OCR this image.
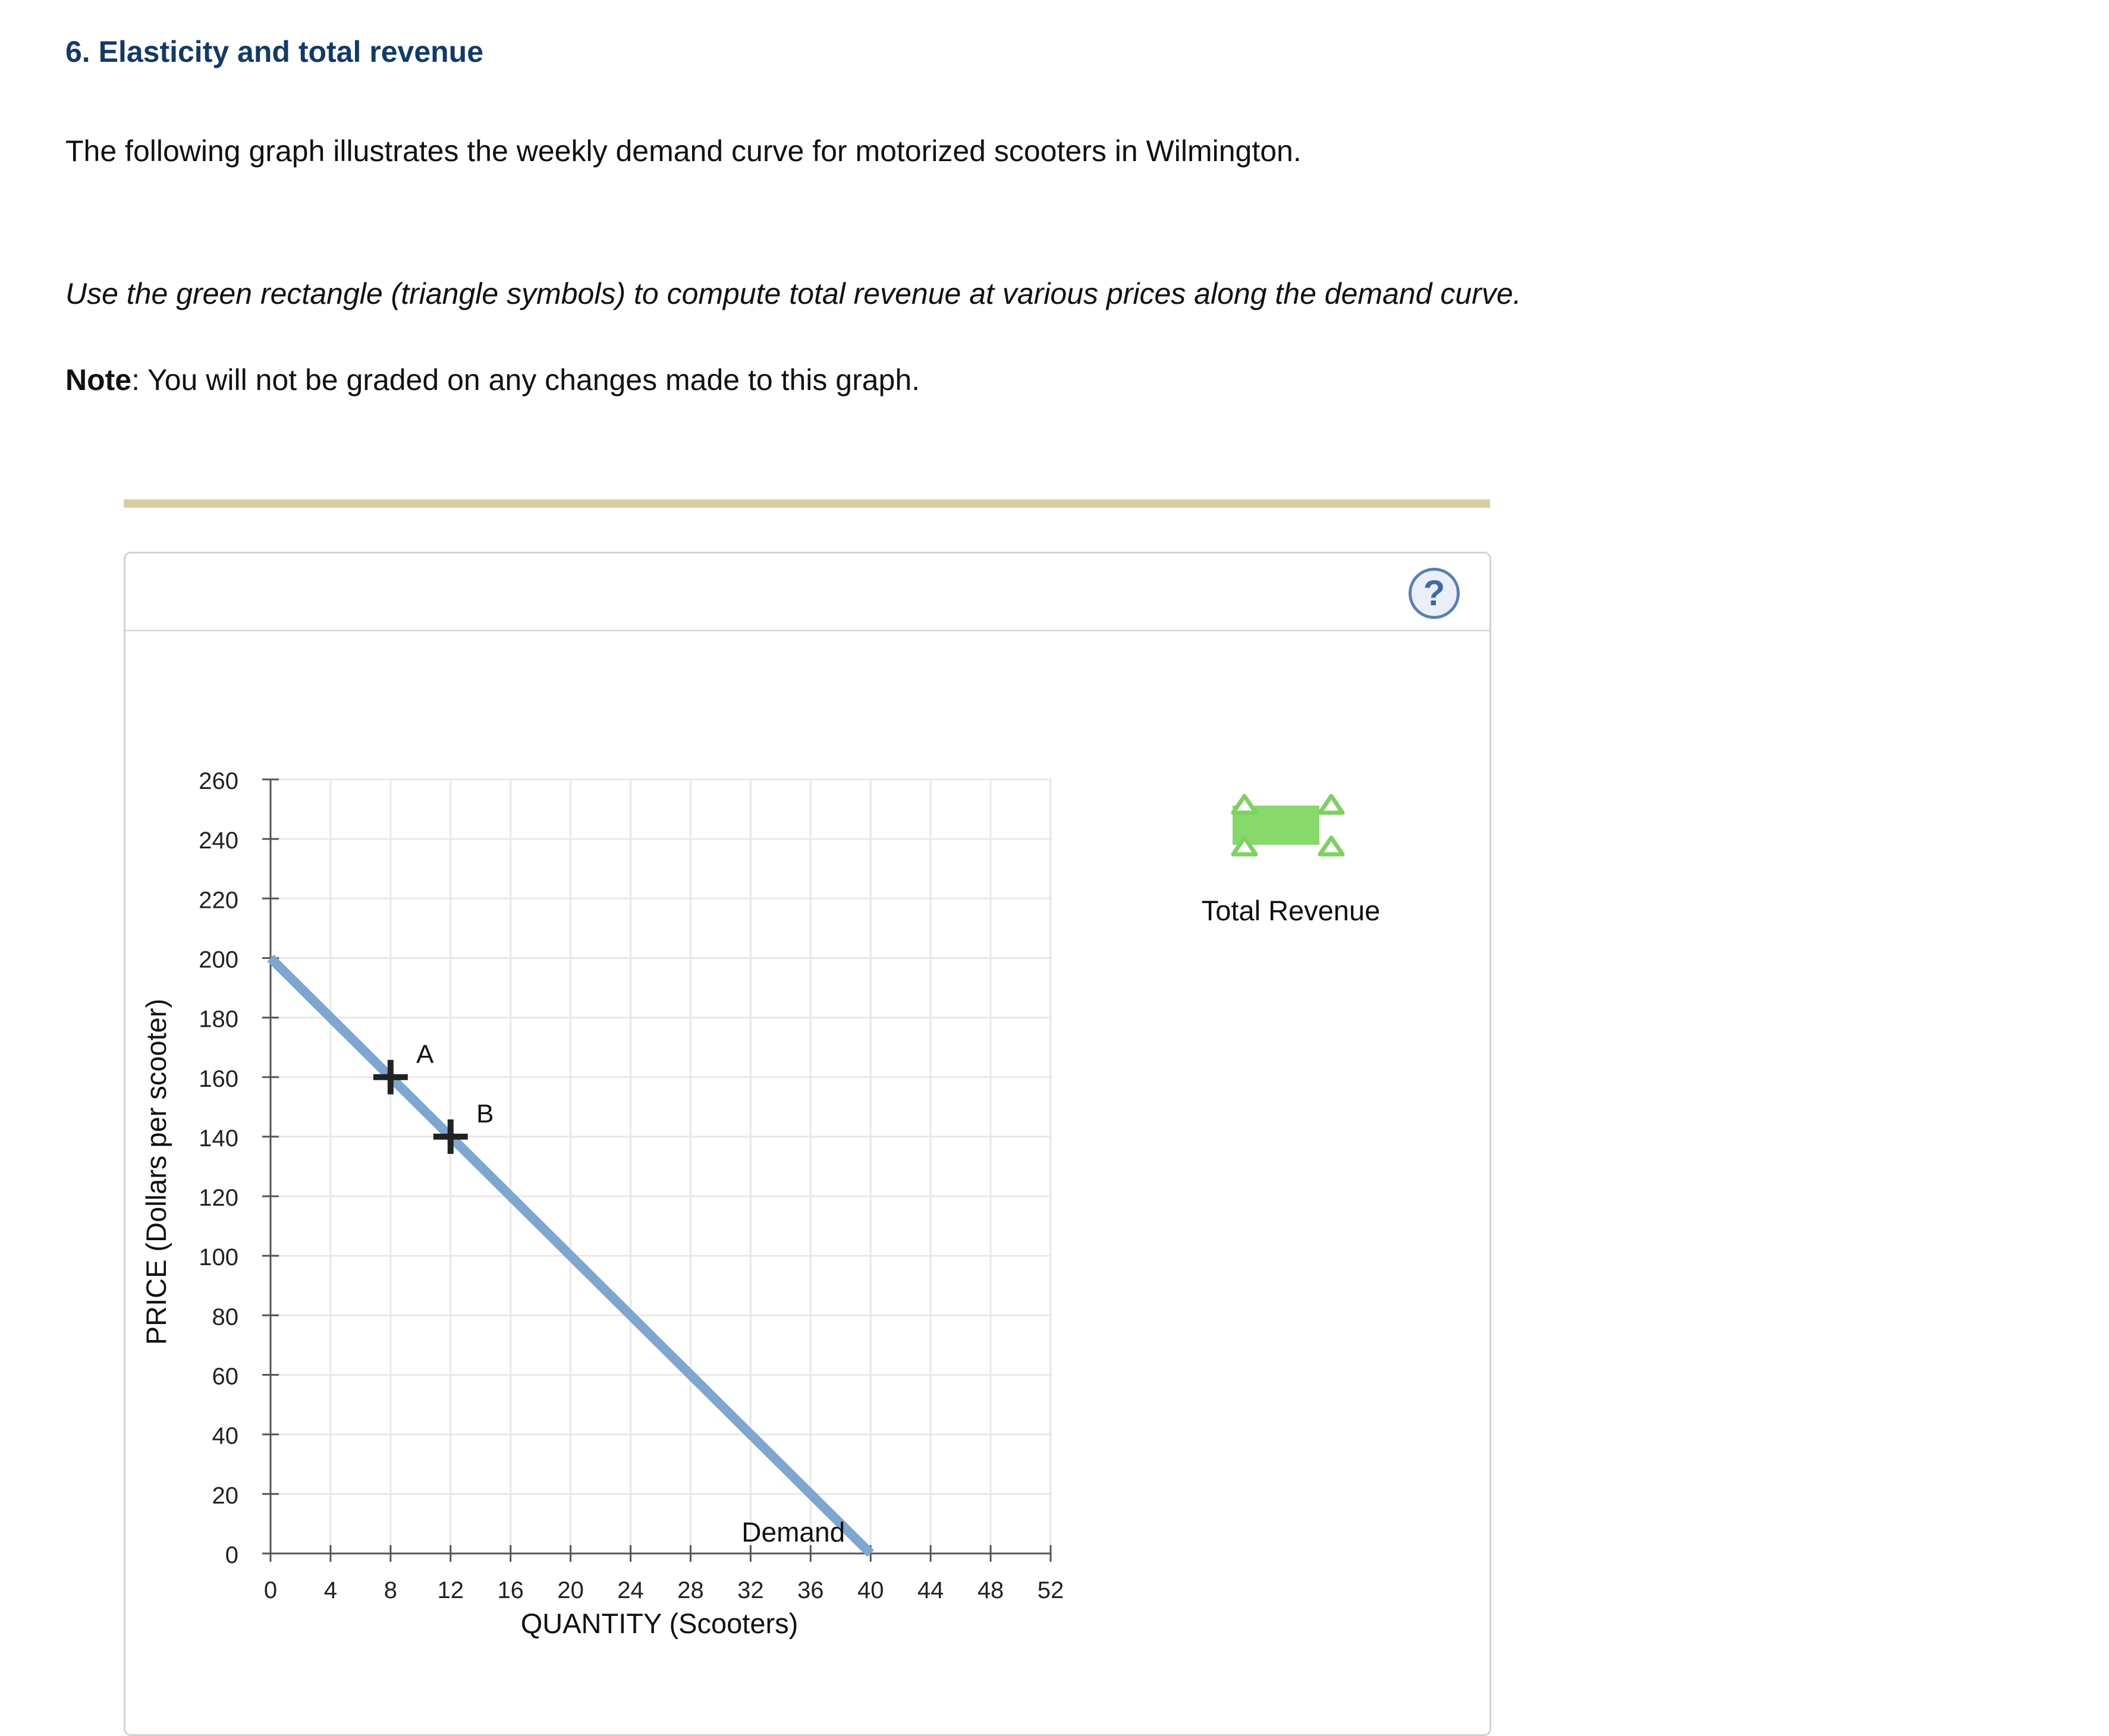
6. Elasticity and total revenue

The following graph illustrates the weekly demand curve for motorized scooters in Wilmington.

Use the green rectangle (triangle symbols) to compute total revenue at various prices along the demand curve.

Note: You will not be graded on any changes made to this graph.

?
0
20
40
60
80
100
120
140
160
180
200
220
240
260
0 4 8 12 16 20 24 28 32 36 40 44 48 52
Demand
A
B
QUANTITY (Scooters)
PRICE (Dollars per scooter)
Total Revenue
